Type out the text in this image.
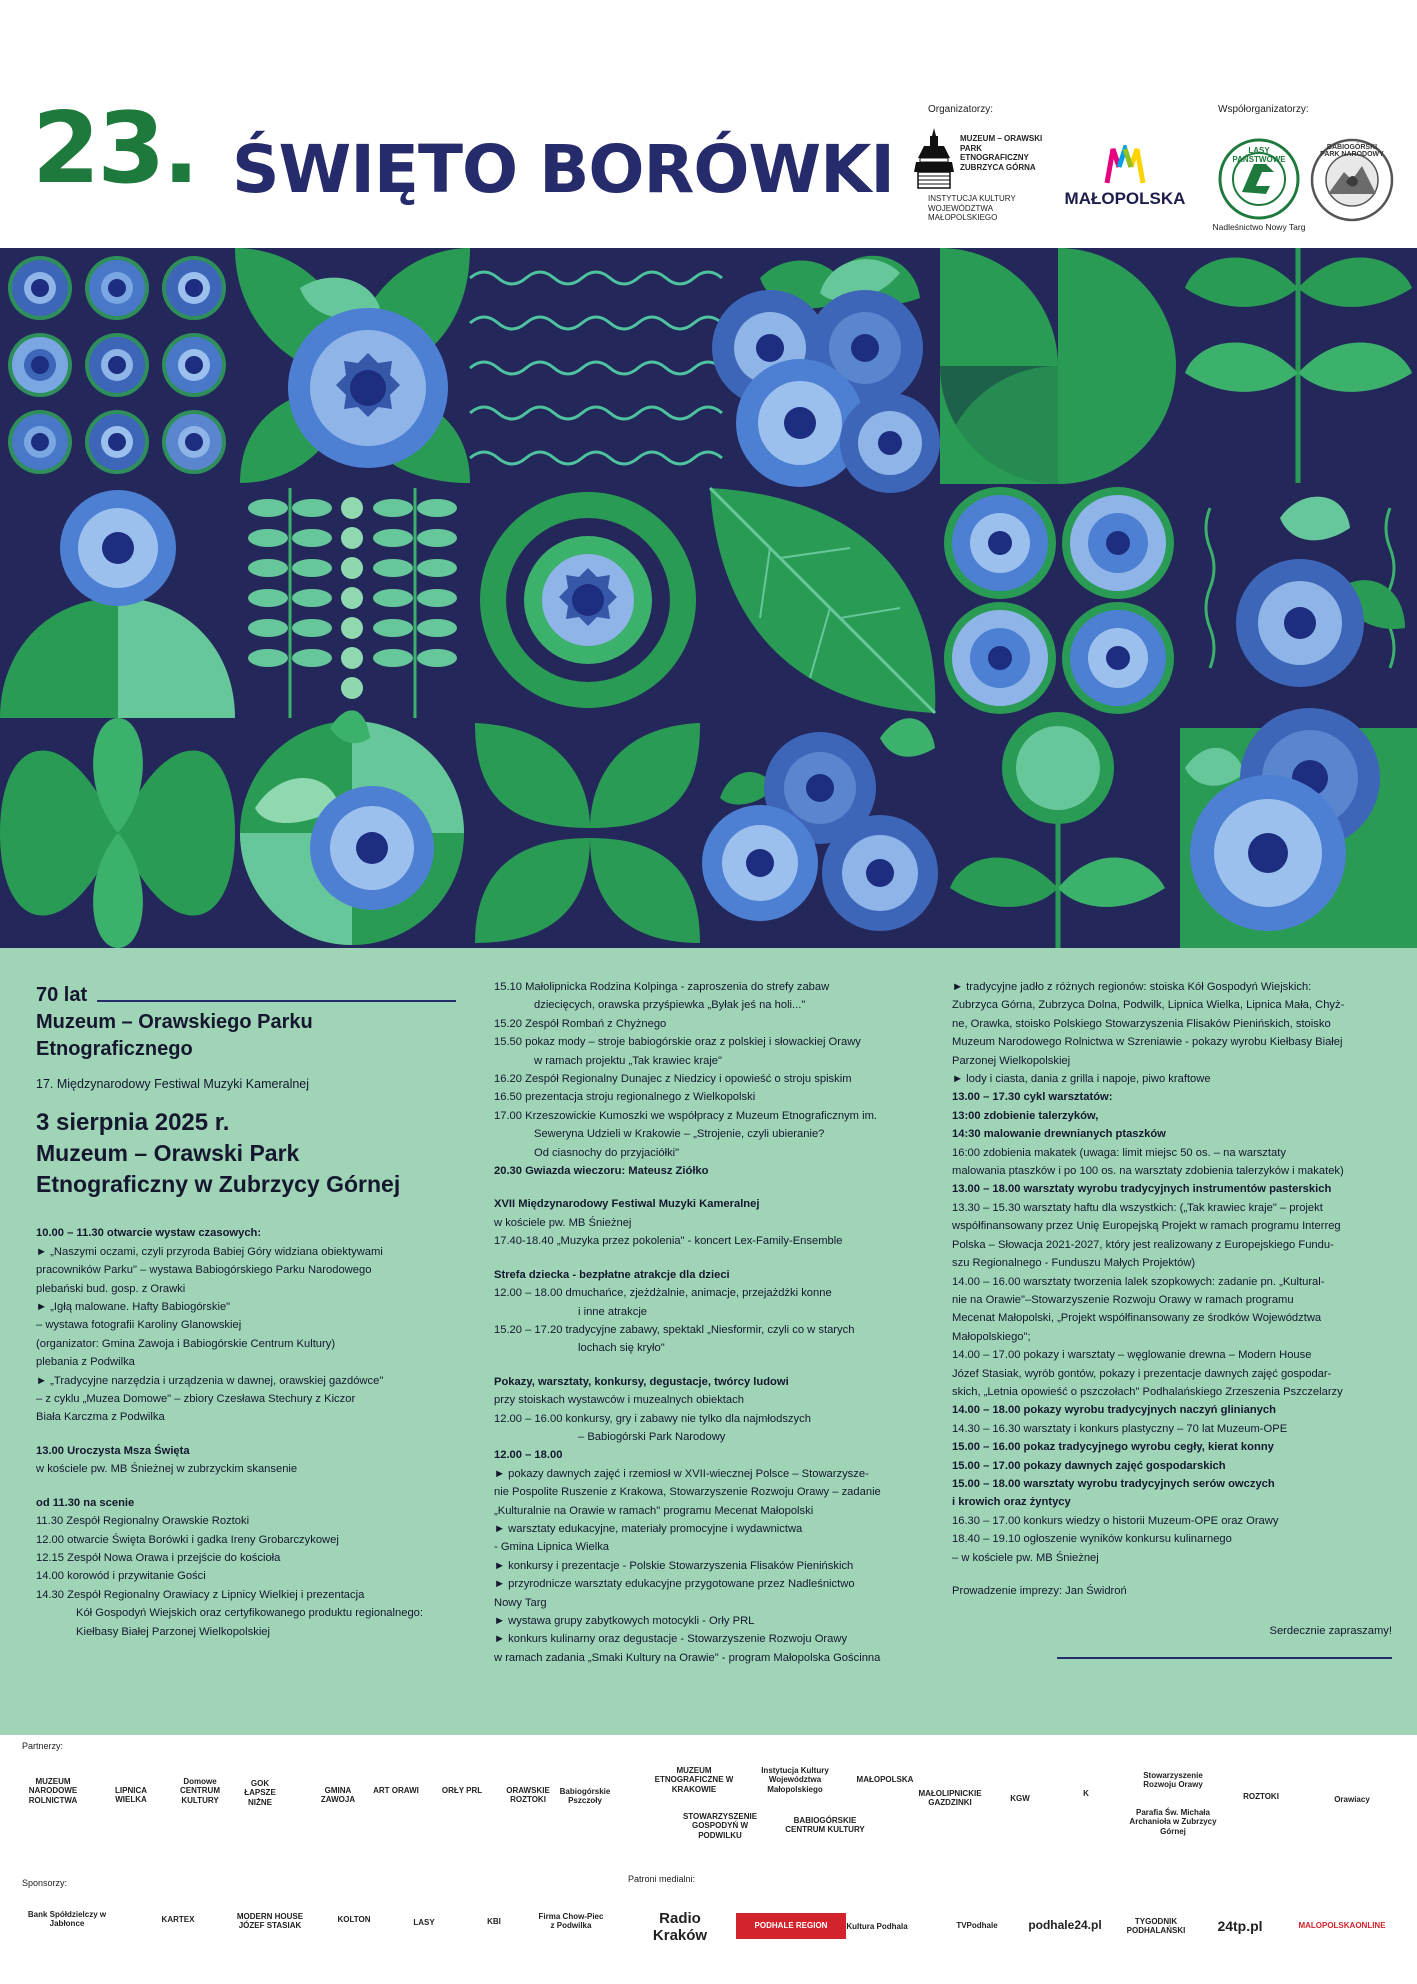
23. ŚWIĘTO BORÓWKI
Organizatorzy:	Współorganizatorzy:
MUZEUM – ORAWSKI PARK ETNOGRAFICZNY ZUBRZYCA GÓRNA
INSTYTUCJA KULTURY WOJEWÓDZTWA MAŁOPOLSKIEGO
MAŁOPOLSKA
LASY PAŃSTWOWE
Nadleśnictwo Nowy Targ
BABIOGÓRSKI PARK NARODOWY

70 lat

Muzeum – Orawskiego Parku

Etnograficznego

17. Międzynarodowy Festiwal Muzyki Kameralnej

3 sierpnia 2025 r.

Muzeum – Orawski Park

Etnograficzny w Zubrzycy Górnej

10.00 – 11.30 otwarcie wystaw czasowych:

► „Naszymi oczami, czyli przyroda Babiej Góry widziana obiektywami

pracowników Parku" – wystawa Babiogórskiego Parku Narodowego

plebański bud. gosp. z Orawki

► „Igłą malowane. Hafty Babiogórskie"

– wystawa fotografii Karoliny Glanowskiej

(organizator: Gmina Zawoja i Babiogórskie Centrum Kultury)

plebania z Podwilka

► „Tradycyjne narzędzia i urządzenia w dawnej, orawskiej gazdówce"

– z cyklu „Muzea Domowe" – zbiory Czesława Stechury z Kiczor

Biała Karczma z Podwilka

13.00 Uroczysta Msza Święta

w kościele pw. MB Śnieżnej w zubrzyckim skansenie

od 11.30 na scenie

11.30 Zespół Regionalny Orawskie Roztoki

12.00 otwarcie Święta Borówki i gadka Ireny Grobarczykowej

12.15 Zespół Nowa Orawa i przejście do kościoła

14.00 korowód i przywitanie Gości

14.30 Zespół Regionalny Orawiacy z Lipnicy Wielkiej i prezentacja

Kół Gospodyń Wiejskich oraz certyfikowanego produktu regionalnego:

Kiełbasy Białej Parzonej Wielkopolskiej

15.10 Małolipnicka Rodzina Kolpinga - zaproszenia do strefy zabaw

dziecięcych, orawska przyśpiewka „Byłak jeś na holi..."

15.20 Zespół Rombań z Chyżnego

15.50 pokaz mody – stroje babiogórskie oraz z polskiej i słowackiej Orawy

w ramach projektu „Tak krawiec kraje"

16.20 Zespół Regionalny Dunajec z Niedzicy i opowieść o stroju spiskim

16.50 prezentacja stroju regionalnego z Wielkopolski

17.00 Krzeszowickie Kumoszki we współpracy z Muzeum Etnograficznym im.

Seweryna Udzieli w Krakowie – „Strojenie, czyli ubieranie?

Od ciasnochy do przyjaciółki"

20.30 Gwiazda wieczoru: Mateusz Ziółko

XVII Międzynarodowy Festiwal Muzyki Kameralnej

w kościele pw. MB Śnieżnej

17.40-18.40 „Muzyka przez pokolenia" - koncert Lex-Family-Ensemble

Strefa dziecka - bezpłatne atrakcje dla dzieci

12.00 – 18.00 dmuchańce, zjeżdżalnie, animacje, przejażdżki konne

i inne atrakcje

15.20 – 17.20 tradycyjne zabawy, spektakl „Niesformir, czyli co w starych

lochach się kryło"

Pokazy, warsztaty, konkursy, degustacje, twórcy ludowi

przy stoiskach wystawców i muzealnych obiektach

12.00 – 16.00 konkursy, gry i zabawy nie tylko dla najmłodszych

– Babiogórski Park Narodowy

12.00 – 18.00

► pokazy dawnych zajęć i rzemiosł w XVII-wiecznej Polsce – Stowarzysze-

nie Pospolite Ruszenie z Krakowa, Stowarzyszenie Rozwoju Orawy – zadanie

„Kulturalnie na Orawie w ramach" programu Mecenat Małopolski

► warsztaty edukacyjne, materiały promocyjne i wydawnictwa

- Gmina Lipnica Wielka

► konkursy i prezentacje - Polskie Stowarzyszenia Flisaków Pienińskich

► przyrodnicze warsztaty edukacyjne przygotowane przez Nadleśnictwo

Nowy Targ

► wystawa grupy zabytkowych motocykli - Orły PRL

► konkurs kulinarny oraz degustacje - Stowarzyszenie Rozwoju Orawy

w ramach zadania „Smaki Kultury na Orawie" - program Małopolska Gościnna

► tradycyjne jadło z różnych regionów: stoiska Kół Gospodyń Wiejskich:

Zubrzyca Górna, Zubrzyca Dolna, Podwilk, Lipnica Wielka, Lipnica Mała, Chyż-

ne, Orawka, stoisko Polskiego Stowarzyszenia Flisaków Pienińskich, stoisko

Muzeum Narodowego Rolnictwa w Szreniawie - pokazy wyrobu Kiełbasy Białej

Parzonej Wielkopolskiej

► lody i ciasta, dania z grilla i napoje, piwo kraftowe

13.00 – 17.30 cykl warsztatów:

13:00 zdobienie talerzyków,

14:30 malowanie drewnianych ptaszków

16:00 zdobienia makatek (uwaga: limit miejsc 50 os. – na warsztaty

malowania ptaszków i po 100 os. na warsztaty zdobienia talerzyków i makatek)

13.00 – 18.00 warsztaty wyrobu tradycyjnych instrumentów pasterskich

13.30 – 15.30 warsztaty haftu dla wszystkich: („Tak krawiec kraje" – projekt

współfinansowany przez Unię Europejską Projekt w ramach programu Interreg

Polska – Słowacja 2021-2027, który jest realizowany z Europejskiego Fundu-

szu Regionalnego - Funduszu Małych Projektów)

14.00 – 16.00 warsztaty tworzenia lalek szopkowych: zadanie pn. „Kultural-

nie na Orawie"–Stowarzyszenie Rozwoju Orawy w ramach programu

Mecenat Małopolski, „Projekt współfinansowany ze środków Województwa

Małopolskiego";

14.00 – 17.00 pokazy i warsztaty – węglowanie drewna – Modern House

Józef Stasiak, wyrób gontów, pokazy i prezentacje dawnych zajęć gospodar-

skich, „Letnia opowieść o pszczołach" Podhalańskiego Zrzeszenia Pszczelarzy

14.00 – 18.00 pokazy wyrobu tradycyjnych naczyń glinianych

14.30 – 16.30 warsztaty i konkurs plastyczny – 70 lat Muzeum-OPE

15.00 – 16.00 pokaz tradycyjnego wyrobu cegły, kierat konny

15.00 – 17.00 pokazy dawnych zajęć gospodarskich

15.00 – 18.00 warsztaty wyrobu tradycyjnych serów owczych

i krowich oraz żyntycy

16.30 – 17.00 konkurs wiedzy o historii Muzeum-OPE oraz Orawy

18.40 – 19.10 ogłoszenie wyników konkursu kulinarnego

– w kościele pw. MB Śnieżnej

Prowadzenie imprezy: Jan Świdroń

Serdecznie zapraszamy!

Partnerzy:
MUZEUM NARODOWE ROLNICTWA
LIPNICA WIELKA
Domowe CENTRUM KULTURY
GOK ŁAPSZE NIŻNE
GMINA ZAWOJA
ART ORAWI	ORŁY PRL	ORAWSKIE ROZTOKI
Babiogórskie Pszczoły
MUZEUM ETNOGRAFICZNE W KRAKOWIE
Instytucja Kultury Województwa Małopolskiego
MAŁOPOLSKA
STOWARZYSZENIE GOSPODYŃ W PODWILKU
BABIOGÓRSKIE CENTRUM KULTURY
MAŁOLIPNICKIE GAZDZINKI	KGW
K
Stowarzyszenie Rozwoju Orawy
Parafia Św. Michała Archanioła w Zubrzycy Górnej
ROZTOKI	Orawiacy
Sponsorzy:	Patroni medialni:
Bank Spółdzielczy w Jabłonce	KARTEX	MODERN HOUSE JÓZEF STASIAK
KOLTON	LASY	KBI
Firma Chow-Piec z Podwilka	Radio Kraków
PODHALE REGION	Kultura Podhala	TVPodhale	podhale24.pl	TYGODNIK PODHALAŃSKI	24tp.pl	MALOPOLSKAONLINE
